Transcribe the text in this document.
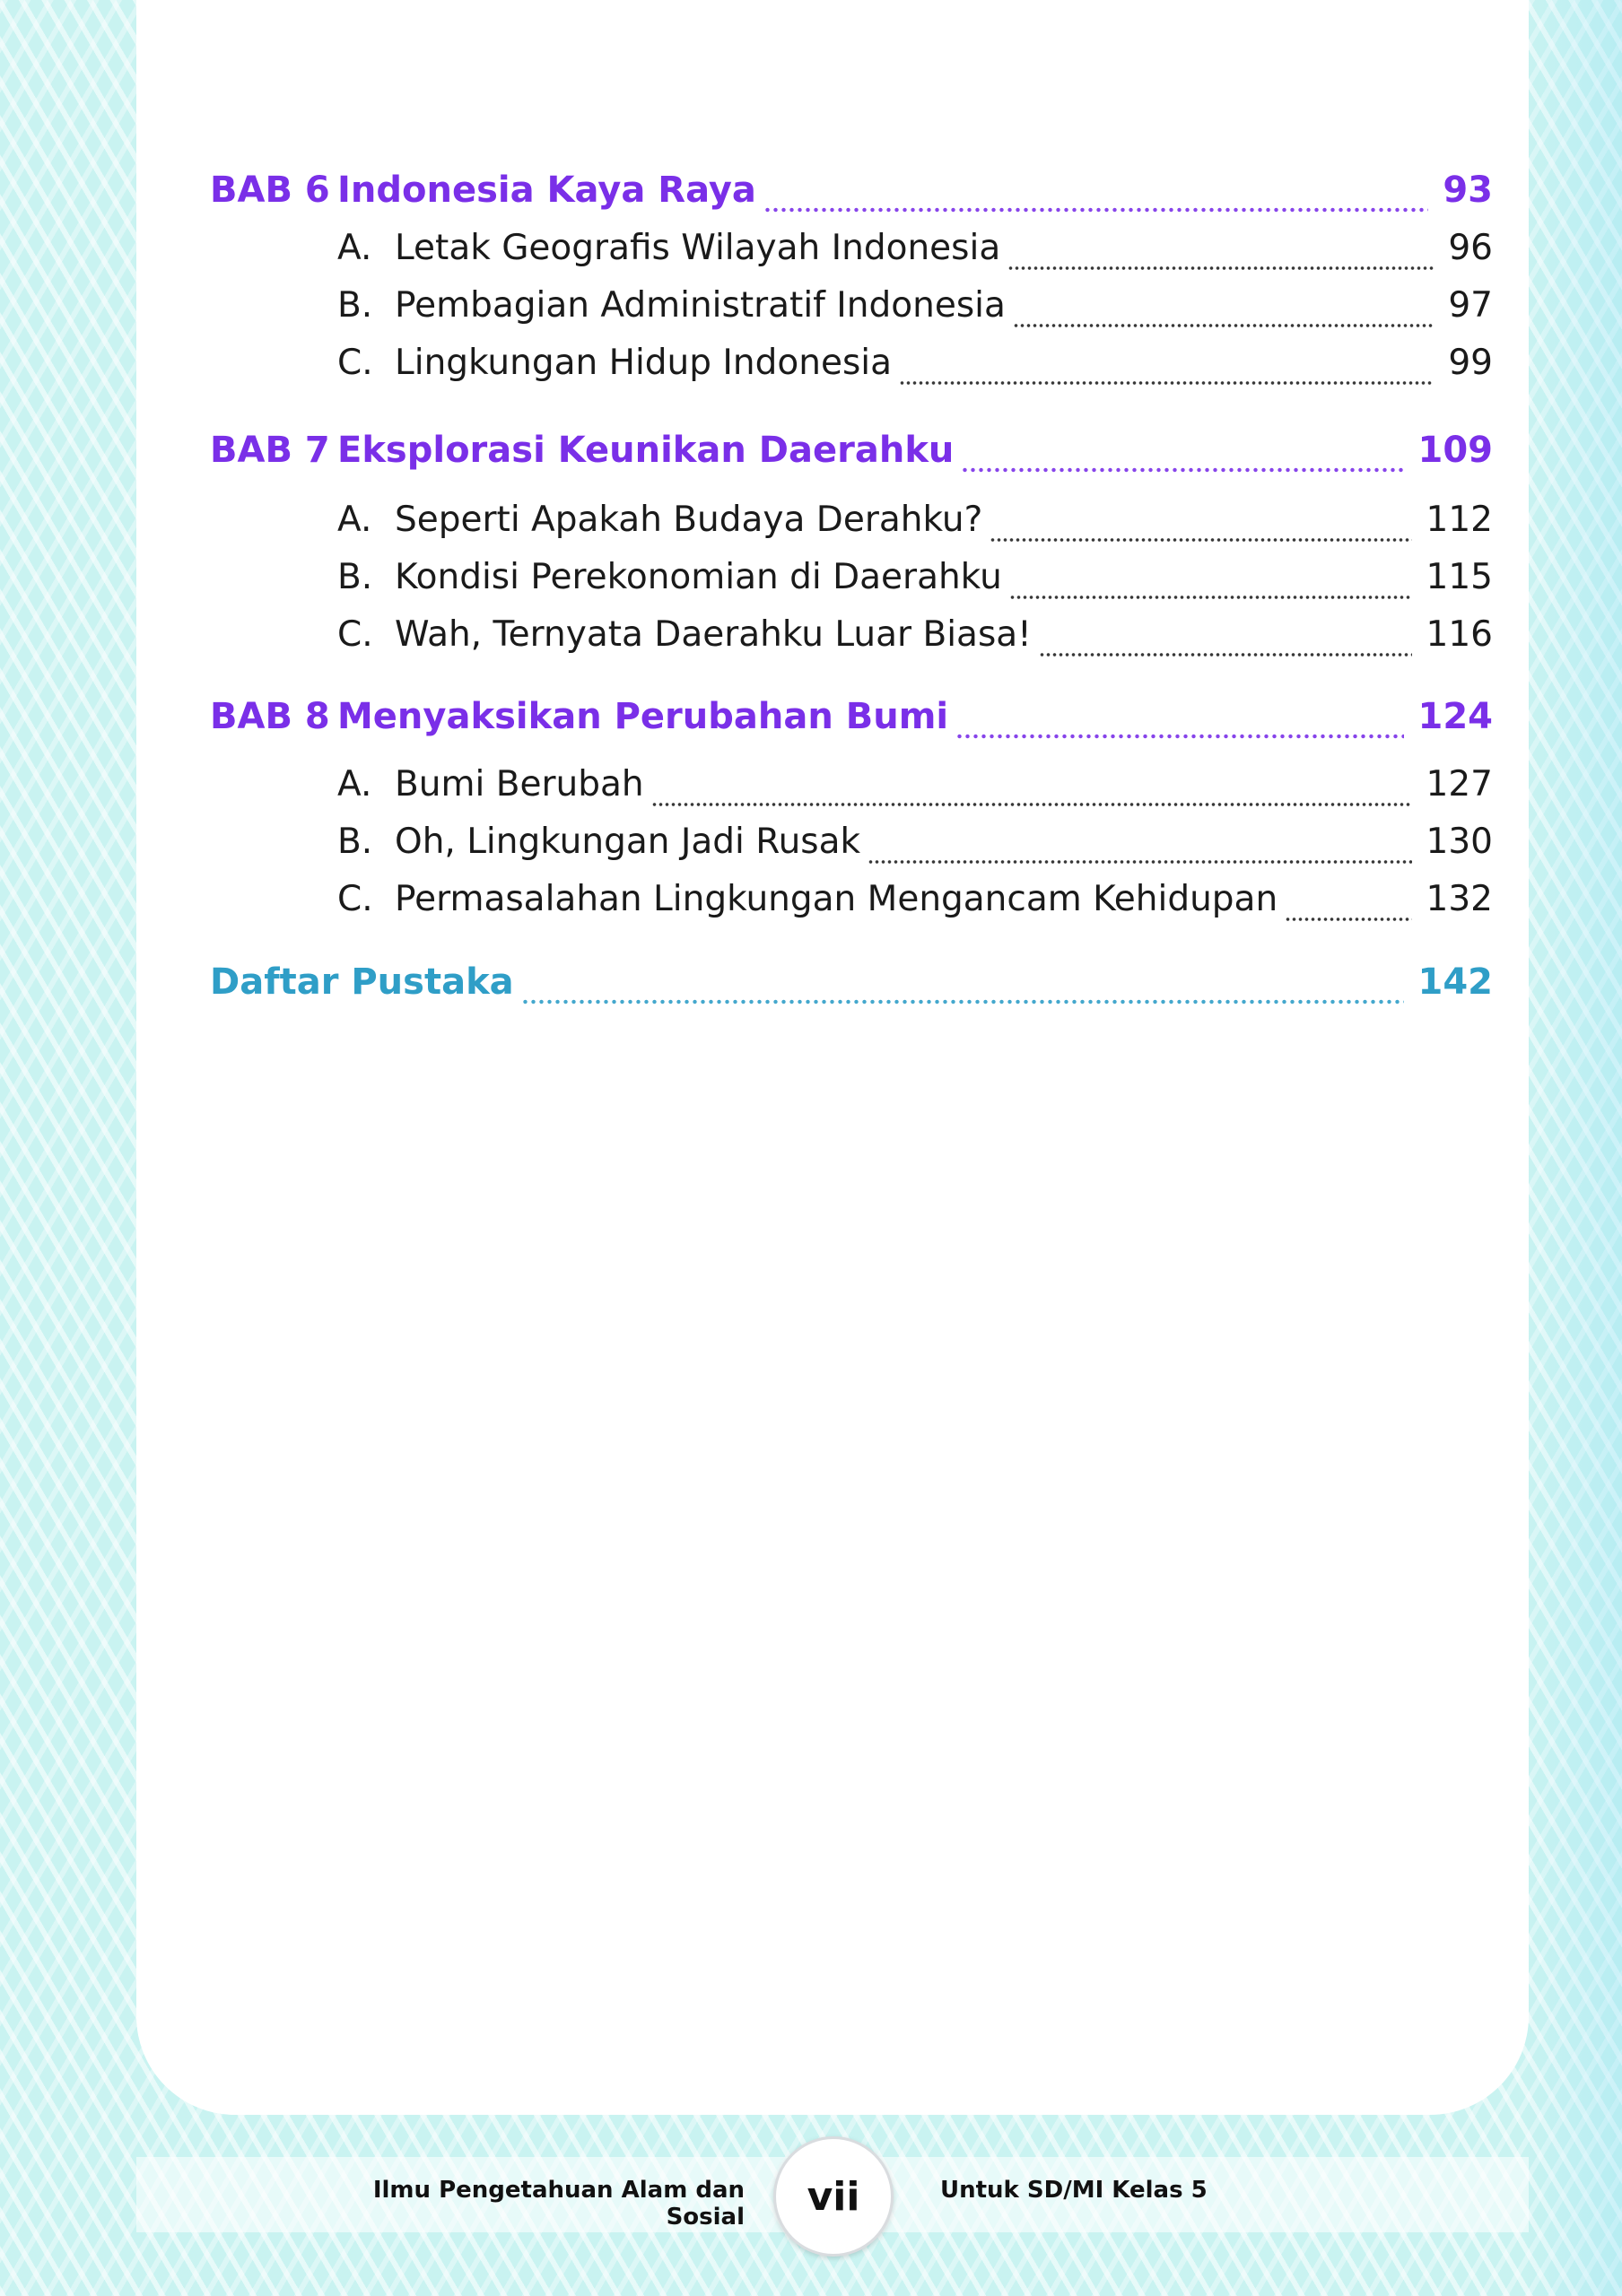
BAB 6 Indonesia Kaya Raya	93
A. Letak Geografis Wilayah Indonesia	96
B. Pembagian Administratif Indonesia	97
C. Lingkungan Hidup Indonesia	99
BAB 7 Eksplorasi Keunikan Daerahku	109
A. Seperti Apakah Budaya Derahku?	112
B. Kondisi Perekonomian di Daerahku	115
C. Wah, Ternyata Daerahku Luar Biasa!	116
BAB 8 Menyaksikan Perubahan Bumi	124
A. Bumi Berubah	127
B. Oh, Lingkungan Jadi Rusak	130
C. Permasalahan Lingkungan Mengancam Kehidupan	132
Daftar Pustaka	142
Ilmu Pengetahuan Alam dan Sosial	vii	Untuk SD/MI Kelas 5
